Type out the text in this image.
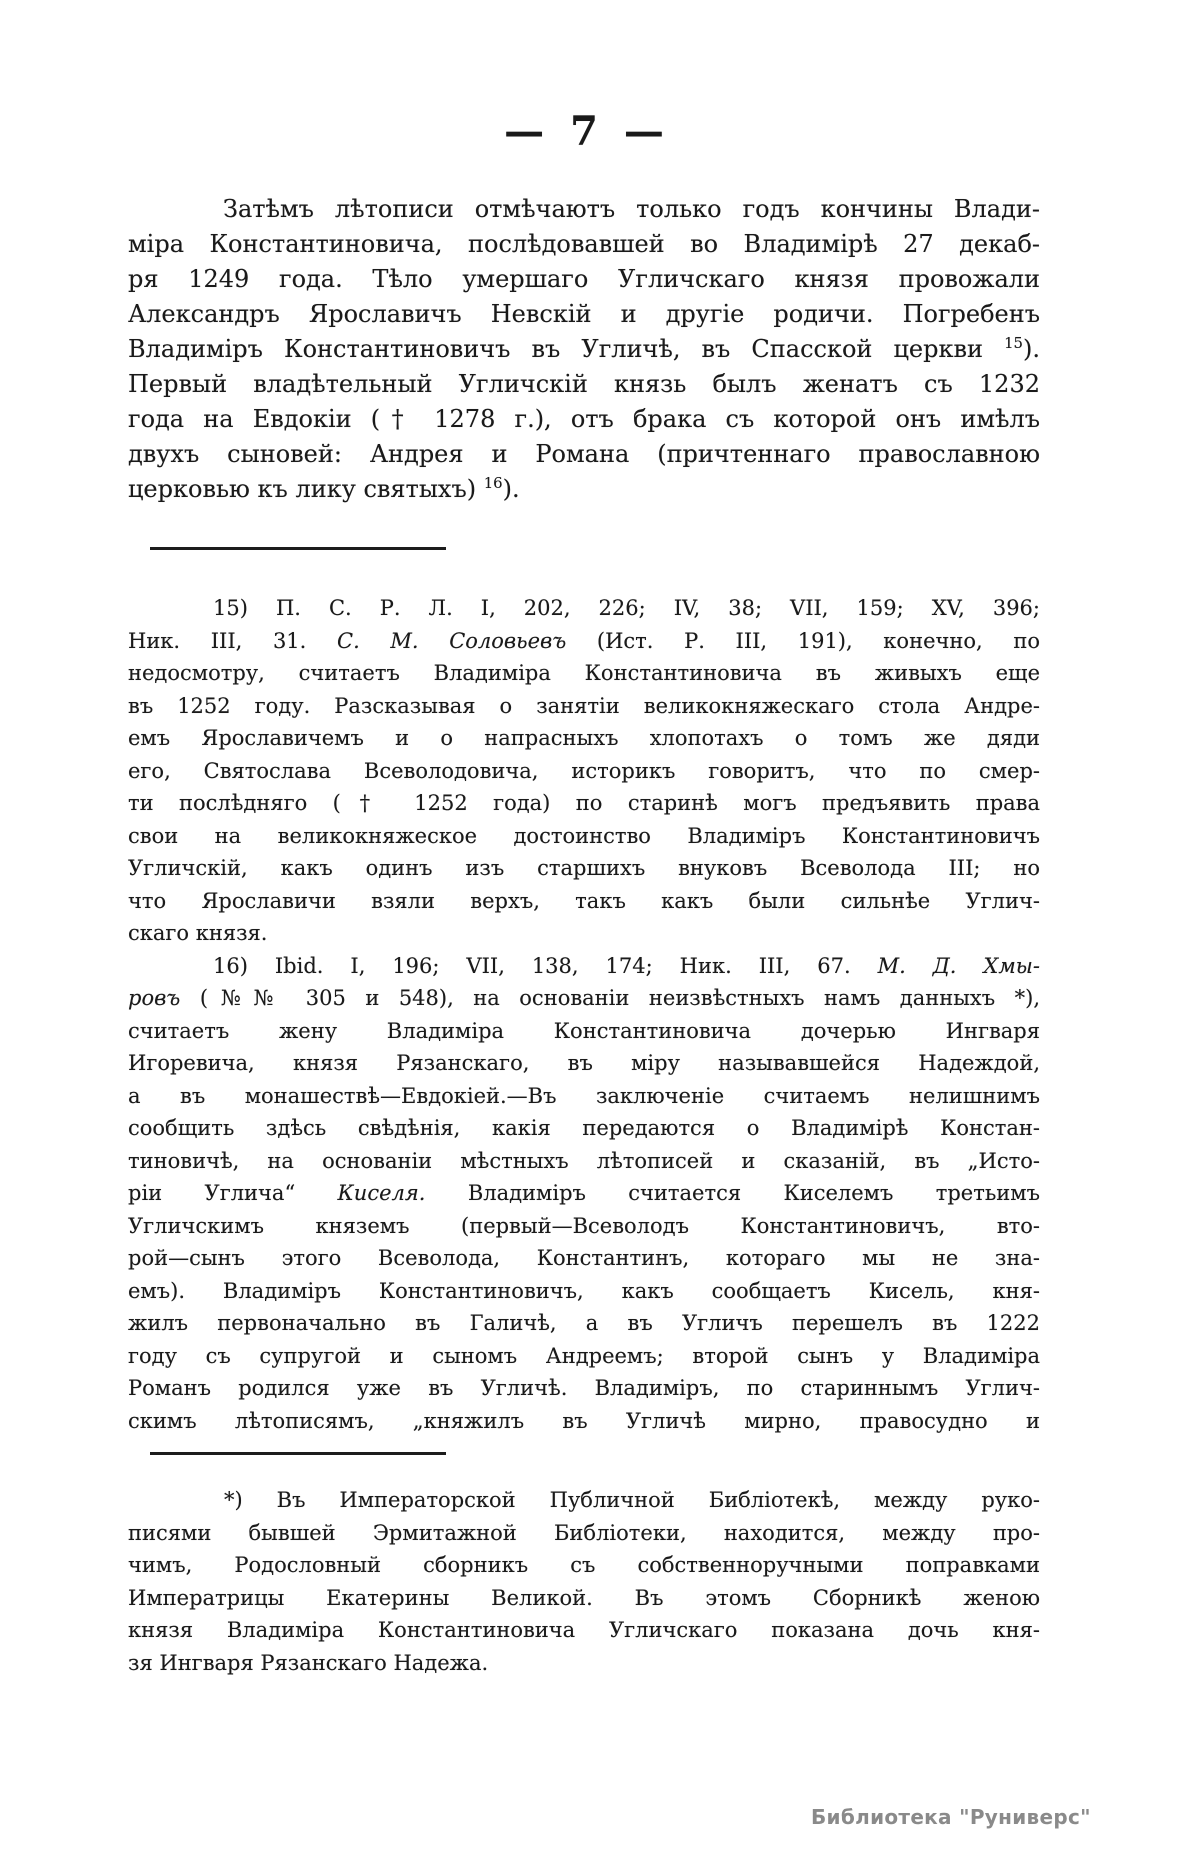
— 7 —
Затѣмъ лѣтописи отмѣчаютъ только годъ кончины Влади-
міра Константиновича, послѣдовавшей во Владимірѣ 27 декаб-
ря 1249 года. Тѣло умершаго Угличскаго князя провожали
Александръ Ярославичъ Невскій и другіе родичи. Погребенъ
Владиміръ Константиновичъ въ Угличѣ, въ Спасской церкви $^{15}$).
Первый владѣтельный Угличскій князь былъ женатъ съ 1232
года на Евдокіи († 1278 г.), отъ брака съ которой онъ имѣлъ
двухъ сыновей: Андрея и Романа (причтеннаго православною
церковью къ лику святыхъ) $^{16}$).
15) П. С. Р. Л. I, 202, 226; IV, 38; VII, 159; XV, 396;
Ник. III, 31. С. М. Соловьевъ (Ист. Р. III, 191), конечно, по
недосмотру, считаетъ Владиміра Константиновича въ живыхъ еще
въ 1252 году. Разсказывая о занятіи великокняжескаго стола Андре-
емъ Ярославичемъ и о напрасныхъ хлопотахъ о томъ же дяди
его, Святослава Всеволодовича, историкъ говоритъ, что по смер-
ти послѣдняго († 1252 года) по старинѣ могъ предъявить права
свои на великокняжеское достоинство Владиміръ Константиновичъ
Угличскій, какъ одинъ изъ старшихъ внуковъ Всеволода III; но
что Ярославичи взяли верхъ, такъ какъ были сильнѣе Углич-
скаго князя.
16) Ibid. I, 196; VII, 138, 174; Ник. III, 67. М. Д. Хмы-
ровъ (№№ 305 и 548), на основаніи неизвѣстныхъ намъ данныхъ *),
считаетъ жену Владиміра Константиновича дочерью Ингваря
Игоревича, князя Рязанскаго, въ міру называвшейся Надеждой,
а въ монашествѣ—Евдокіей.—Въ заключеніе считаемъ нелишнимъ
сообщить здѣсь свѣдѣнія, какія передаются о Владимірѣ Констан-
тиновичѣ, на основаніи мѣстныхъ лѣтописей и сказаній, въ „Исто-
ріи Углича“ Киселя. Владиміръ считается Киселемъ третьимъ
Угличскимъ княземъ (первый—Всеволодъ Константиновичъ, вто-
рой—сынъ этого Всеволода, Константинъ, котораго мы не зна-
емъ). Владиміръ Константиновичъ, какъ сообщаетъ Кисель, кня-
жилъ первоначально въ Галичѣ, а въ Угличъ перешелъ въ 1222
году съ супругой и сыномъ Андреемъ; второй сынъ у Владиміра
Романъ родился уже въ Угличѣ. Владиміръ, по стариннымъ Углич-
скимъ лѣтописямъ, „княжилъ въ Угличѣ мирно, правосудно и
*) Въ Императорской Публичной Библіотекѣ, между руко-
писями бывшей Эрмитажной Библіотеки, находится, между про-
чимъ, Родословный сборникъ съ собственноручными поправками
Императрицы Екатерины Великой. Въ этомъ Сборникѣ женою
князя Владиміра Константиновича Угличскаго показана дочь кня-
зя Ингваря Рязанскаго Надежа.
Библиотека "Руниверс"
